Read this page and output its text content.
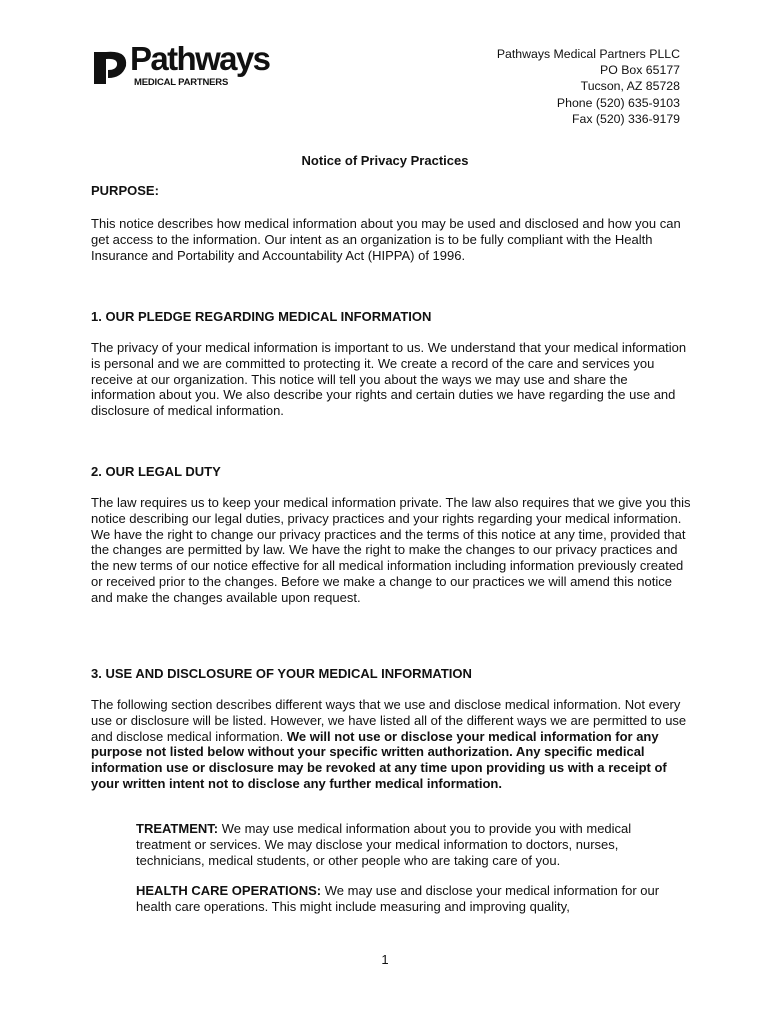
Pathways
MEDICAL PARTNERS
Pathways Medical Partners PLLC
PO Box 65177
Tucson, AZ 85728
Phone (520) 635-9103
Fax (520) 336-9179
Notice of Privacy Practices
PURPOSE:
This notice describes how medical information about you may be used and disclosed and how you can get access to the information. Our intent as an organization is to be fully compliant with the Health Insurance and Portability and Accountability Act (HIPPA) of 1996.
1. OUR PLEDGE REGARDING MEDICAL INFORMATION
The privacy of your medical information is important to us. We understand that your medical information is personal and we are committed to protecting it. We create a record of the care and services you receive at our organization. This notice will tell you about the ways we may use and share the information about you. We also describe your rights and certain duties we have regarding the use and disclosure of medical information.
2. OUR LEGAL DUTY
The law requires us to keep your medical information private. The law also requires that we give you this notice describing our legal duties, privacy practices and your rights regarding your medical information. We have the right to change our privacy practices and the terms of this notice at any time, provided that the changes are permitted by law. We have the right to make the changes to our privacy practices and the new terms of our notice effective for all medical information including information previously created or received prior to the changes. Before we make a change to our practices we will amend this notice and make the changes available upon request.
3. USE AND DISCLOSURE OF YOUR MEDICAL INFORMATION
The following section describes different ways that we use and disclose medical information. Not every use or disclosure will be listed. However, we have listed all of the different ways we are permitted to use and disclose medical information. We will not use or disclose your medical information for any purpose not listed below without your specific written authorization. Any specific medical information use or disclosure may be revoked at any time upon providing us with a receipt of your written intent not to disclose any further medical information.
TREATMENT: We may use medical information about you to provide you with medical treatment or services. We may disclose your medical information to doctors, nurses, technicians, medical students, or other people who are taking care of you.
HEALTH CARE OPERATIONS: We may use and disclose your medical information for our health care operations. This might include measuring and improving quality,
1
